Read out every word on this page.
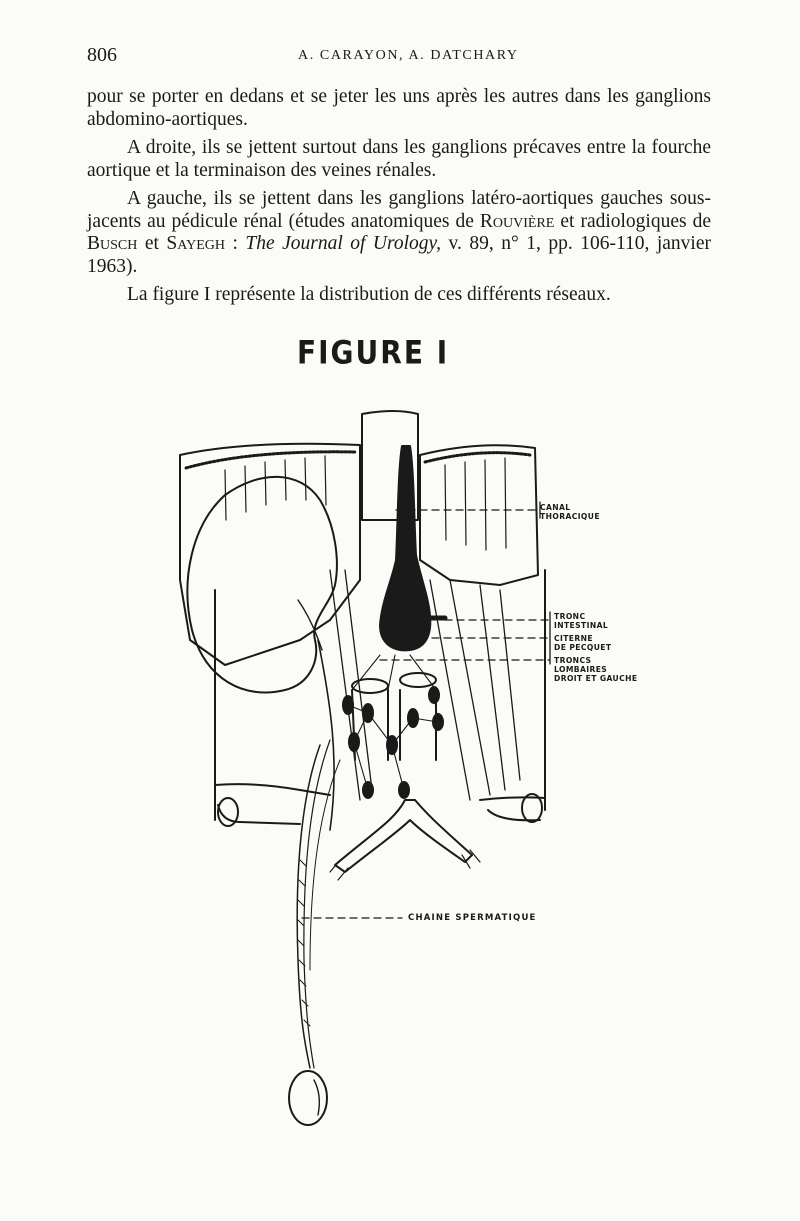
806	A. CARAYON, A. DATCHARY

pour se porter en dedans et se jeter les uns après les autres dans les ganglions abdomino-aortiques.

A droite, ils se jettent surtout dans les ganglions précaves entre la fourche aortique et la terminaison des veines rénales.

A gauche, ils se jettent dans les ganglions latéro-aortiques gauches sous-jacents au pédicule rénal (études anatomiques de Rouvière et radiologiques de Busch et Sayegh : The Journal of Urology, v. 89, n° 1, pp. 106-110, janvier 1963).

La figure I représente la distribution de ces différents réseaux.

FIGURE I
CANAL
THORACIQUE
TRONC
INTESTINAL
CITERNE
DE PECQUET
TRONCS
LOMBAIRES
DROIT ET GAUCHE
CHAINE SPERMATIQUE
